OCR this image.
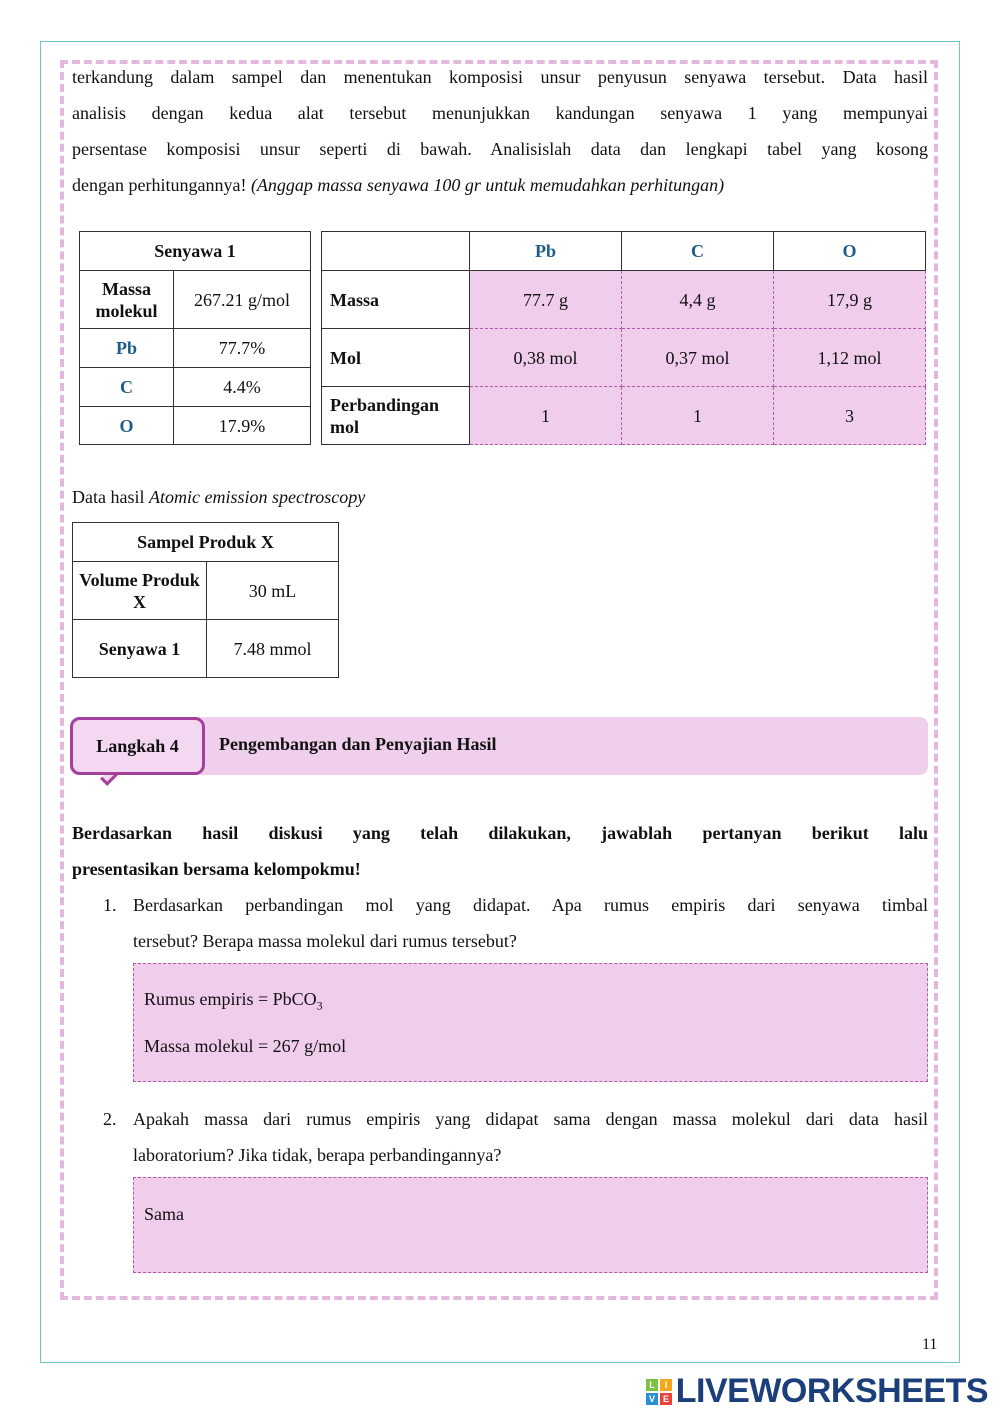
terkandung dalam sampel dan menentukan komposisi unsur penyusun senyawa tersebut. Data hasil
analisis dengan kedua alat tersebut menunjukkan kandungan senyawa 1 yang mempunyai
persentase komposisi unsur seperti di bawah. Analisislah data dan lengkapi tabel yang kosong
dengan perhitungannya! (Anggap massa senyawa 100 gr untuk memudahkan perhitungan)
Senyawa 1	
Massa molekul	267.21 g/mol
Pb	77.7%
C	4.4%
O	17.9%
	Pb	C	O
Massa	77.7 g	4,4 g	17,9 g
Mol	0,38 mol	0,37 mol	1,12 mol
Perbandingan mol	1	1	3
Data hasil Atomic emission spectroscopy
Sampel Produk X	
Volume Produk X	30 mL
Senyawa 1	7.48 mmol
Pengembangan dan Penyajian Hasil
Langkah 4
Berdasarkan hasil diskusi yang telah dilakukan, jawablah pertanyan berikut lalu
presentasikan bersama kelompokmu!
1. Berdasarkan perbandingan mol yang didapat. Apa rumus empiris dari senyawa timbal
tersebut? Berapa massa molekul dari rumus tersebut?
Rumus empiris = PbCO$_3$
Massa molekul = 267 g/mol
2. Apakah massa dari rumus empiris yang didapat sama dengan massa molekul dari data hasil
laboratorium? Jika tidak, berapa perbandingannya?
Sama
11
L	I
V E LIVEWORKSHEETS
